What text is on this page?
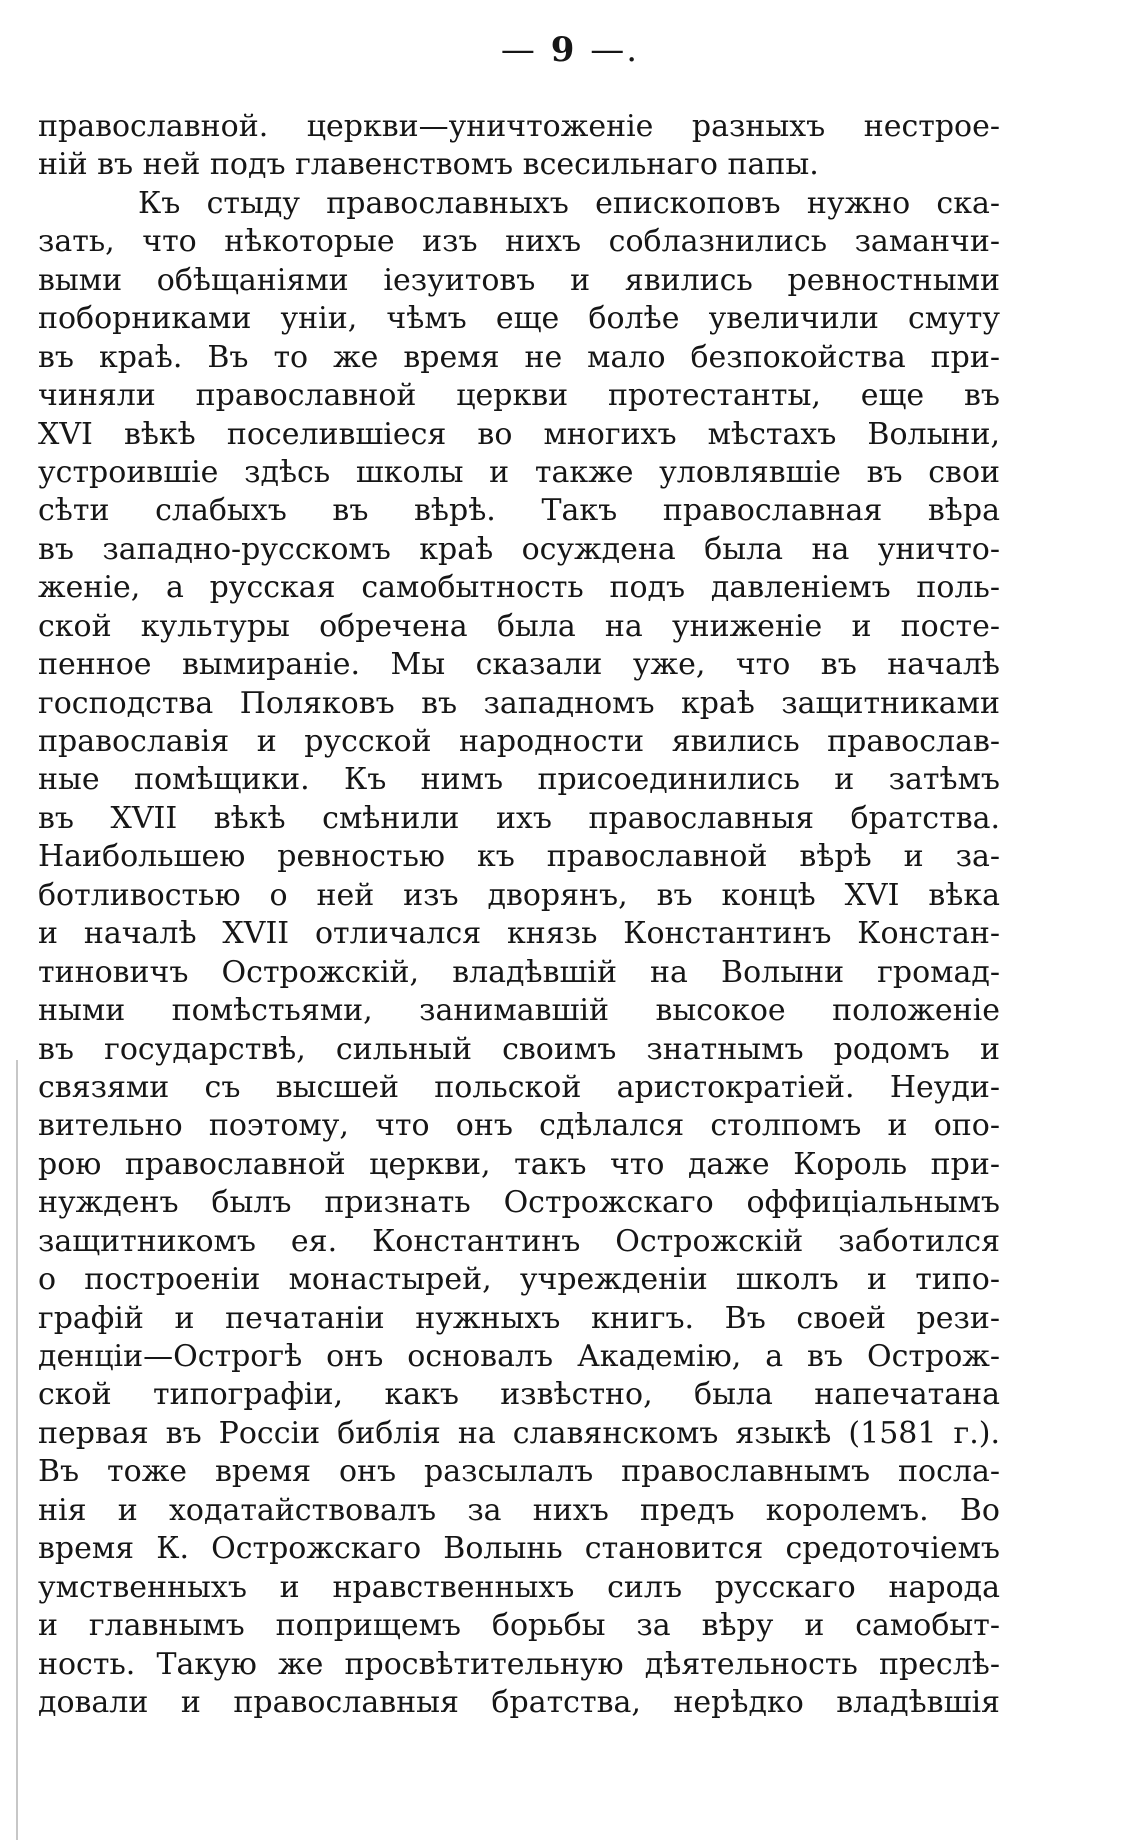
— 9 —.
православной. церкви—уничтоженіе разныхъ нестрое-
ній въ ней подъ главенствомъ всесильнаго папы.
Къ стыду православныхъ епископовъ нужно ска-
зать, что нѣкоторые изъ нихъ соблазнились заманчи-
выми обѣщаніями іезуитовъ и явились ревностными
поборниками уніи, чѣмъ еще болѣе увеличили смуту
въ краѣ. Въ то же время не мало безпокойства при-
чиняли православной церкви протестанты, еще въ
XVI вѣкѣ поселившіеся во многихъ мѣстахъ Волыни,
устроившіе здѣсь школы и также уловлявшіе въ свои
сѣти слабыхъ въ вѣрѣ. Такъ православная вѣра
въ западно-русскомъ краѣ осуждена была на уничто-
женіе, а русская самобытность подъ давленіемъ поль-
ской культуры обречена была на униженіе и посте-
пенное вымираніе. Мы сказали уже, что въ началѣ
господства Поляковъ въ западномъ краѣ защитниками
православія и русской народности явились православ-
ные помѣщики. Къ нимъ присоединились и затѣмъ
въ XVII вѣкѣ смѣнили ихъ православныя братства.
Наибольшею ревностью къ православной вѣрѣ и за-
ботливостью о ней изъ дворянъ, въ концѣ XVI вѣка
и началѣ XVII отличался князь Константинъ Констан-
тиновичъ Острожскій, владѣвшій на Волыни громад-
ными помѣстьями, занимавшій высокое положеніе
въ государствѣ, сильный своимъ знатнымъ родомъ и
связями съ высшей польской аристократіей. Неуди-
вительно поэтому, что онъ сдѣлался столпомъ и опо-
рою православной церкви, такъ что даже Король при-
нужденъ былъ признать Острожскаго оффиціальнымъ
защитникомъ ея. Константинъ Острожскій заботился
о построеніи монастырей, учрежденіи школъ и типо-
графій и печатаніи нужныхъ книгъ. Въ своей рези-
денціи—Острогѣ онъ основалъ Академію, а въ Острож-
ской типографіи, какъ извѣстно, была напечатана
первая въ Россіи библія на славянскомъ языкѣ (1581 г.).
Въ тоже время онъ разсылалъ православнымъ посла-
нія и ходатайствовалъ за нихъ предъ королемъ. Во
время К. Острожскаго Волынь становится средоточіемъ
умственныхъ и нравственныхъ силъ русскаго народа
и главнымъ поприщемъ борьбы за вѣру и самобыт-
ность. Такую же просвѣтительную дѣятельность преслѣ-
довали и православныя братства, нерѣдко владѣвшія
